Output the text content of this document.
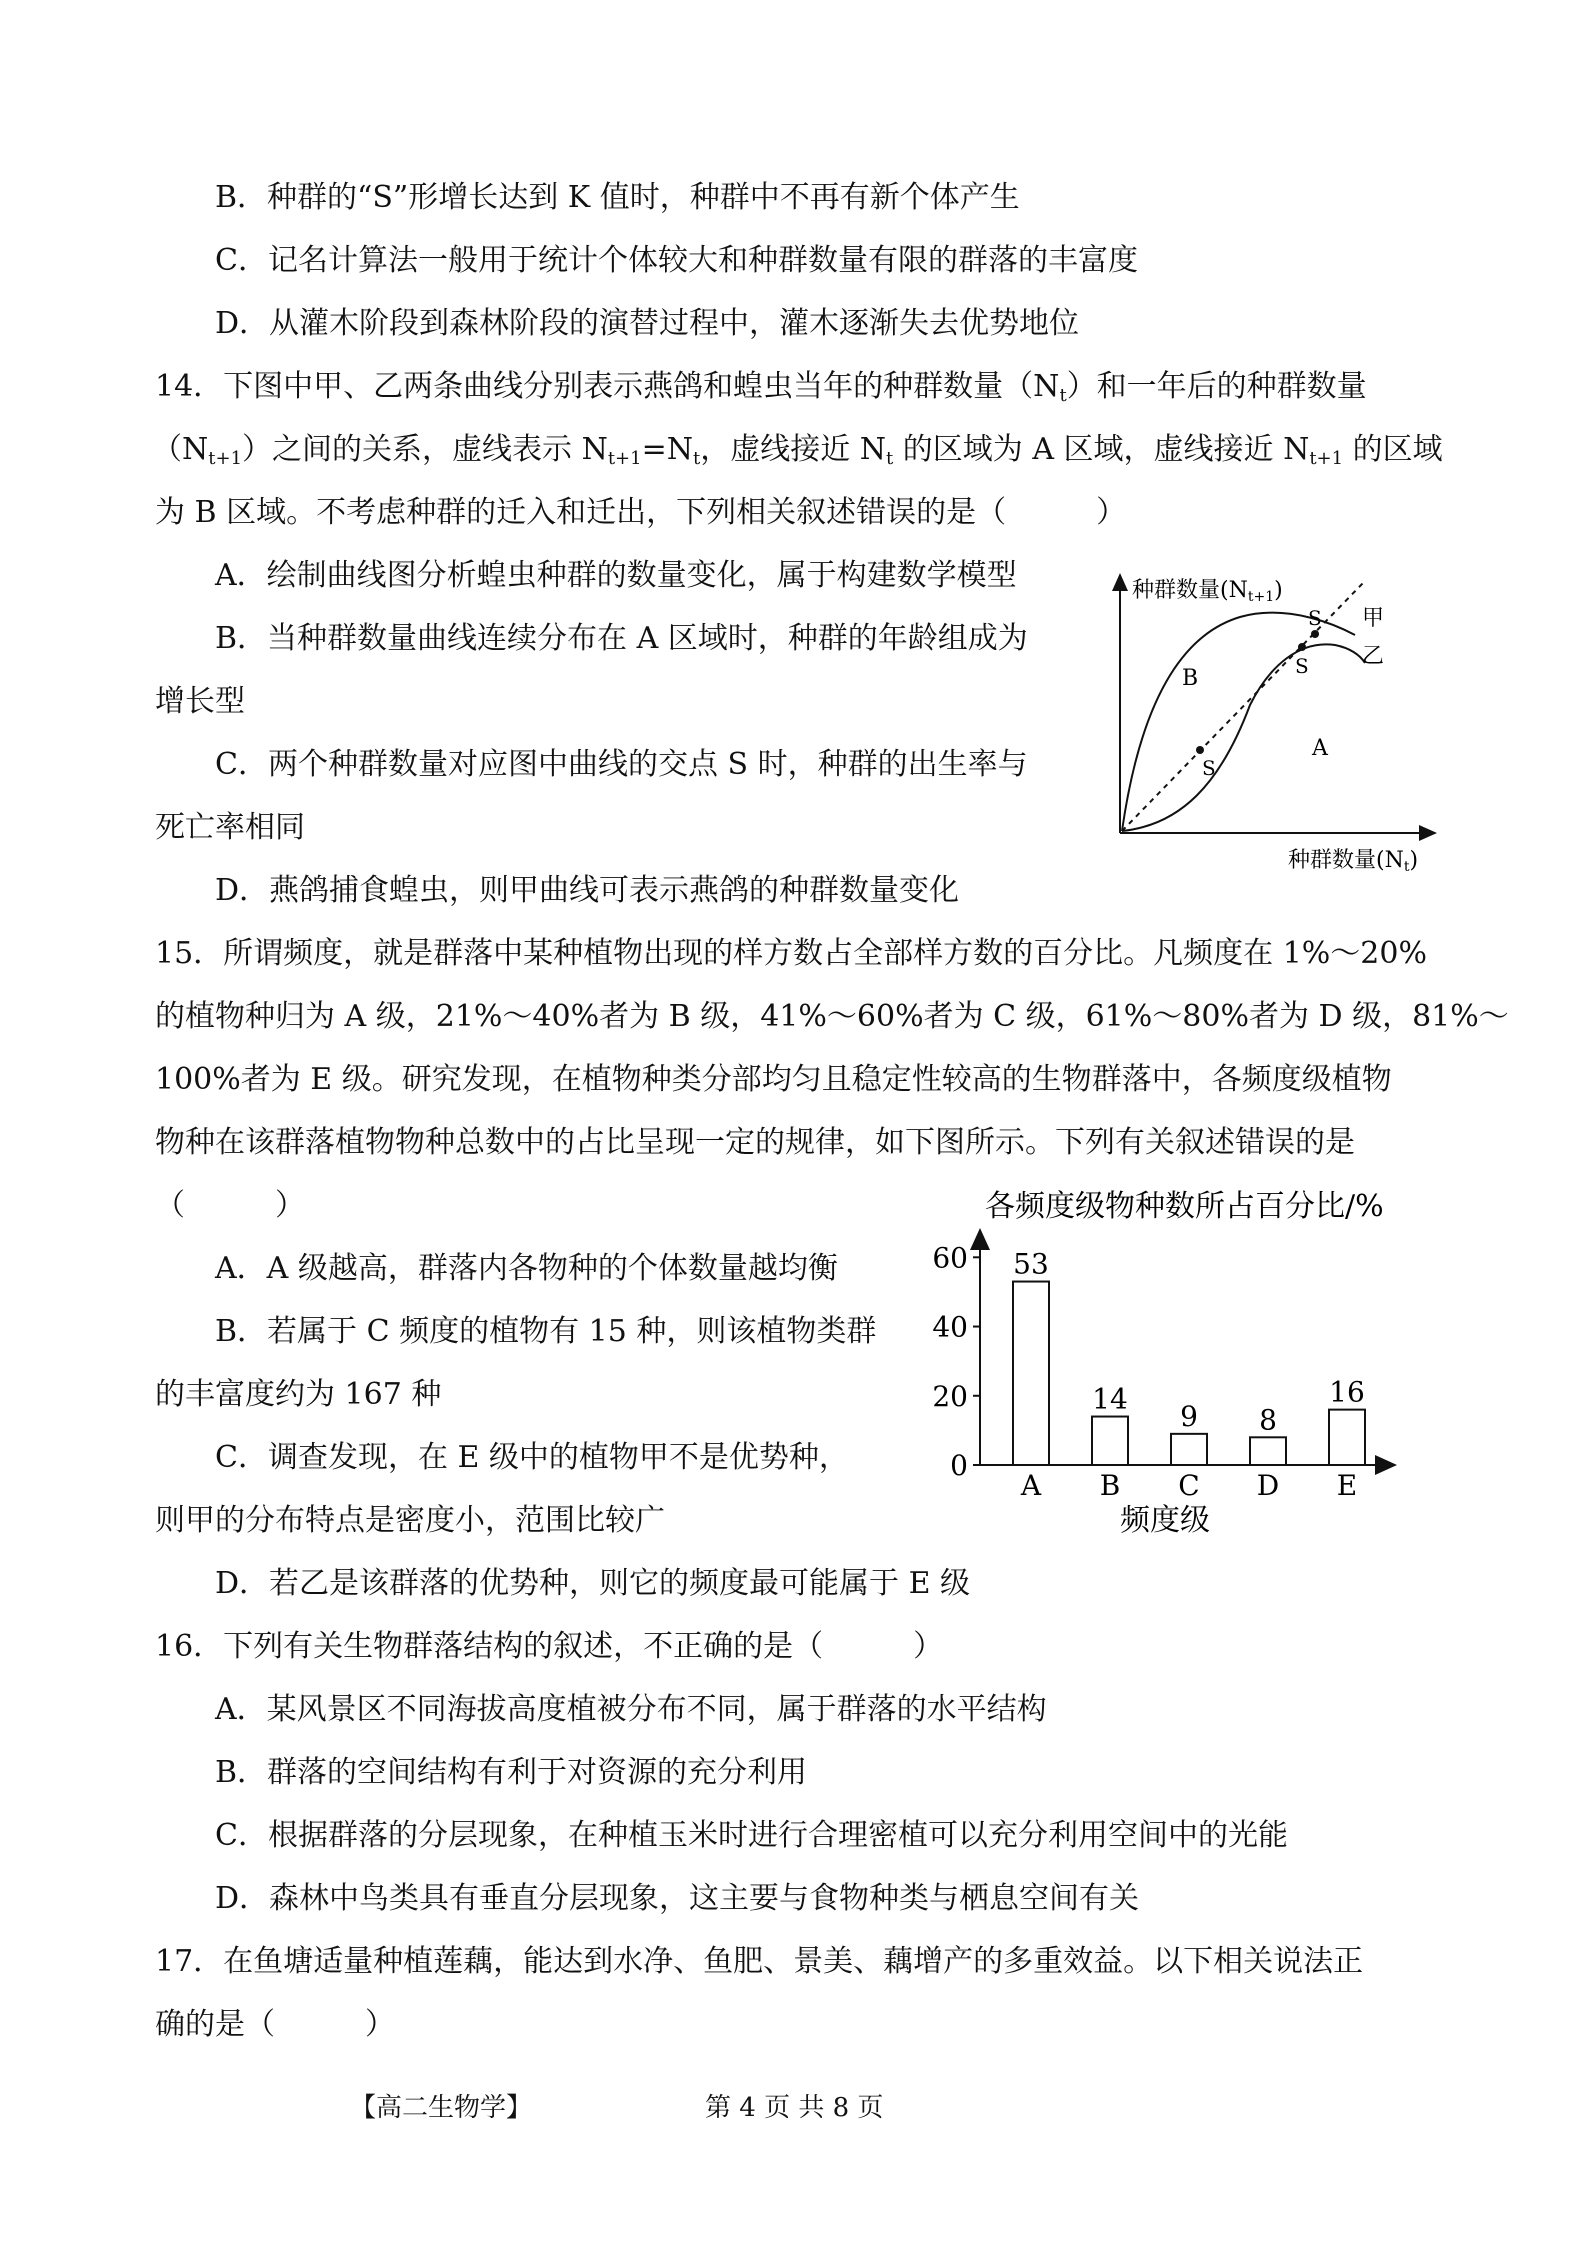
B．种群的“S”形增长达到 K 值时，种群中不再有新个体产生
C．记名计算法一般用于统计个体较大和种群数量有限的群落的丰富度
D．从灌木阶段到森林阶段的演替过程中，灌木逐渐失去优势地位
14．下图中甲、乙两条曲线分别表示燕鸽和蝗虫当年的种群数量$(N_t)$和一年后的种群数量
$(N_{t+1})$之间的关系，虚线表示 $N_{t+1}=N_t$，虚线接近 $N_t$ 的区域为 A 区域，虚线接近 $N_{t+1}$ 的区域
为 B 区域。不考虑种群的迁入和迁出，下列相关叙述错误的是（　　　）
A．绘制曲线图分析蝗虫种群的数量变化，属于构建数学模型
B．当种群数量曲线连续分布在 A 区域时，种群的年龄组成为
增长型
C．两个种群数量对应图中曲线的交点 S 时，种群的出生率与
死亡率相同
D．燕鸽捕食蝗虫，则甲曲线可表示燕鸽的种群数量变化
种群数量(Nt+1)
种群数量(Nt)
S
S
S
甲
乙
B
A
15．所谓频度，就是群落中某种植物出现的样方数占全部样方数的百分比。凡频度在 1%～20%
的植物种归为 A 级，21%～40%者为 B 级，41%～60%者为 C 级，61%～80%者为 D 级，81%～
100%者为 E 级。研究发现，在植物种类分部均匀且稳定性较高的生物群落中，各频度级植物
物种在该群落植物物种总数中的占比呈现一定的规律，如下图所示。下列有关叙述错误的是
（　　　）
A．A 级越高，群落内各物种的个体数量越均衡
B．若属于 C 频度的植物有 15 种，则该植物类群
的丰富度约为 167 种
C．调查发现，在 E 级中的植物甲不是优势种，
则甲的分布特点是密度小，范围比较广
D．若乙是该群落的优势种，则它的频度最可能属于 E 级
各频度级物种数所占百分比/%
0
20
40
60 53
A
14
B
9
C
8
D
16
E
频度级
16．下列有关生物群落结构的叙述，不正确的是（　　　）
A．某风景区不同海拔高度植被分布不同，属于群落的水平结构
B．群落的空间结构有利于对资源的充分利用
C．根据群落的分层现象，在种植玉米时进行合理密植可以充分利用空间中的光能
D．森林中鸟类具有垂直分层现象，这主要与食物种类与栖息空间有关
17．在鱼塘适量种植莲藕，能达到水净、鱼肥、景美、藕增产的多重效益。以下相关说法正
确的是（　　　）
【高二生物学】	第 4 页 共 8 页
